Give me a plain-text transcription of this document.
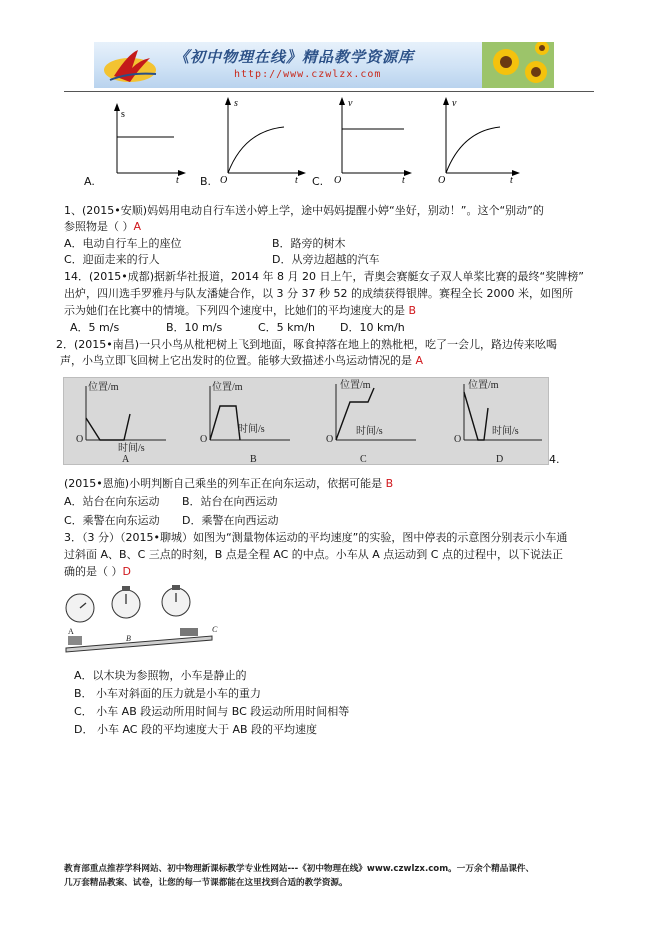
《初中物理在线》精品教学资源库
http://www.czwlzx.com
s
t
s
O	t
v
O	t
v
O	t
A.	B.	C.
1、(2015•安顺)妈妈用电动自行车送小婷上学，途中妈妈提醒小婷“坐好，别动！”。这个“别动”的
参照物是（ ）A
A．电动自行车上的座位	B．路旁的树木
C．迎面走来的行人	D．从旁边超越的汽车
14．(2015•成都)据新华社报道，2014 年 8 月 20 日上午，青奥会赛艇女子双人单桨比赛的最终“奖牌榜”
出炉，四川选手罗雅丹与队友潘婕合作，以 3 分 37 秒 52 的成绩获得银牌。赛程全长 2000 米，如图所
示为她们在比赛中的情境。下列四个速度中，比她们的平均速度大的是 B
A．5 m/s	B．10 m/s	C．5 km/h D．10 km/h
2．(2015•南昌)一只小鸟从枇杷树上飞到地面，啄食掉落在地上的熟枇杷，吃了一会儿，路边传来吆喝
声，小鸟立即飞回树上它出发时的位置。能够大致描述小鸟运动情况的是 A
位置/m
时间/s
O
A
位置/m
时间/s
O
B
位置/m
时间/s
O
C
位置/m
时间/s
O
D	4.
(2015•恩施)小明判断自己乘坐的列车正在向东运动，依据可能是 B
A．站台在向东运动 B．站台在向西运动
C．乘警在向东运动 D．乘警在向西运动
3．（3 分）（2015•聊城）如图为“测量物体运动的平均速度”的实验，图中停表的示意图分别表示小车通
过斜面 A、B、C 三点的时刻，B 点是全程 AC 的中点。小车从 A 点运动到 C 点的过程中，以下说法正
确的是（ ）D
A
B
C
A．以木块为参照物，小车是静止的
B． 小车对斜面的压力就是小车的重力
C． 小车 AB 段运动所用时间与 BC 段运动所用时间相等
D． 小车 AC 段的平均速度大于 AB 段的平均速度
教育部重点推荐学科网站、初中物理新课标教学专业性网站---《初中物理在线》www.czwlzx.com。一万余个精品课件、
几万套精品教案、试卷，让您的每一节课都能在这里找到合适的教学资源。
